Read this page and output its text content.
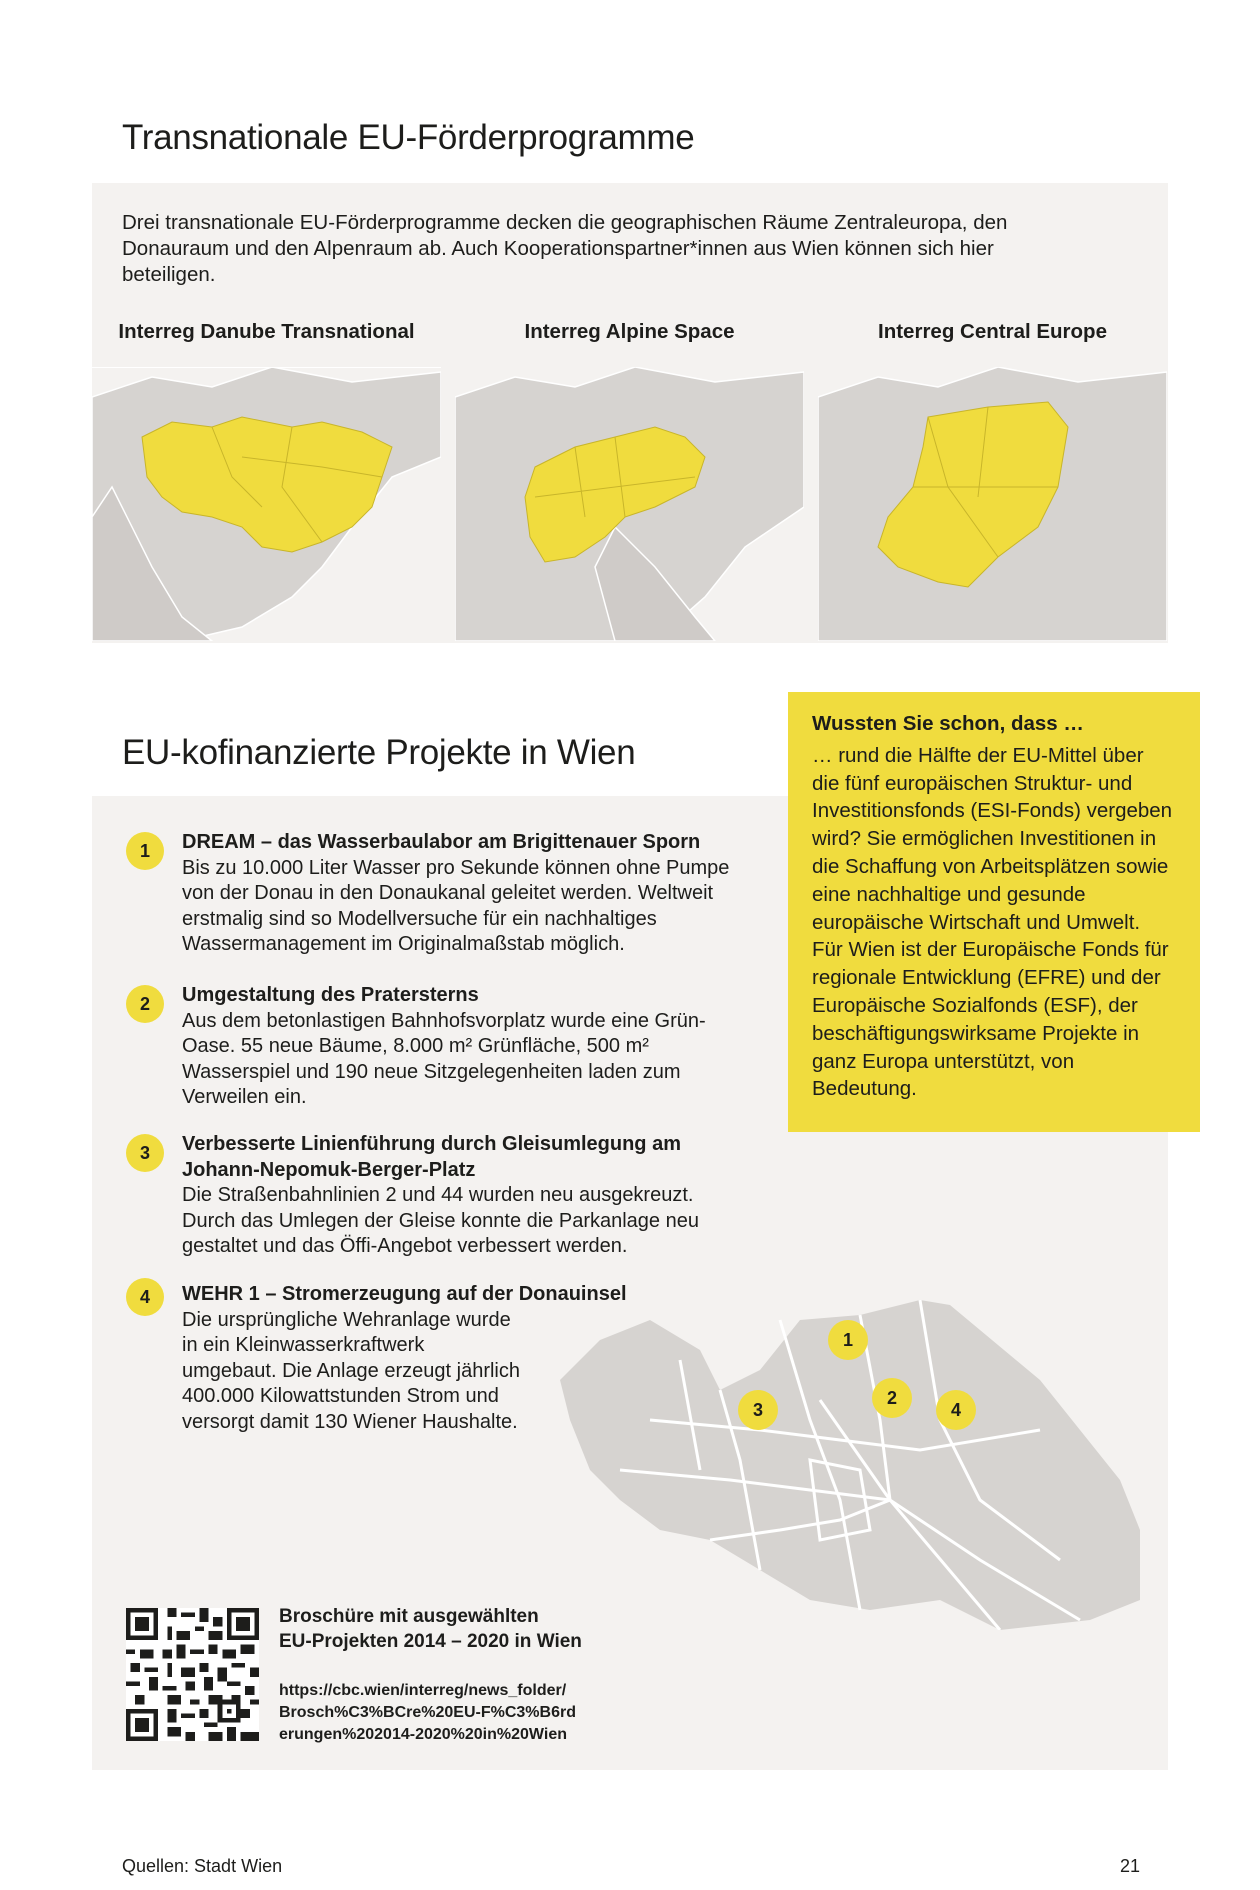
Transnationale EU-Förderprogramme

Drei transnationale EU-Förderprogramme decken die geographischen Räume Zentraleuropa, den Donauraum und den Alpenraum ab. Auch Kooperationspartner*innen aus Wien können sich hier beteiligen.

Interreg Danube Transnational	Interreg Alpine Space	Interreg Central Europe
EU-kofinanzierte Projekte in Wien
Wussten Sie schon, dass …
… rund die Hälfte der EU-Mittel über die fünf europäischen Struktur- und Investitionsfonds (ESI-Fonds) vergeben wird? Sie ermöglichen Investitionen in die Schaffung von Arbeitsplätzen sowie eine nachhaltige und gesunde europäische Wirtschaft und Umwelt. Für Wien ist der Europäische Fonds für regionale Entwicklung (EFRE) und der Europäische Sozialfonds (ESF), der beschäftigungswirksame Projekte in ganz Europa unterstützt, von Bedeutung.
1	DREAM – das Wasserbaulabor am Brigittenauer Sporn
Bis zu 10.000 Liter Wasser pro Sekunde können ohne Pumpe von der Donau in den Donaukanal geleitet werden. Weltweit erstmalig sind so Modellversuche für ein nachhaltiges Wassermanagement im Originalmaßstab möglich.
2	Umgestaltung des Pratersterns
Aus dem betonlastigen Bahnhofsvorplatz wurde eine Grün-Oase. 55 neue Bäume, 8.000 m² Grünfläche, 500 m² Wasserspiel und 190 neue Sitzgelegenheiten laden zum Verweilen ein.
3	Verbesserte Linienführung durch Gleisumlegung am Johann-Nepomuk-Berger-Platz
Die Straßenbahnlinien 2 und 44 wurden neu ausgekreuzt. Durch das Umlegen der Gleise konnte die Parkanlage neu gestaltet und das Öffi-Angebot verbessert werden.
4	WEHR 1 – Stromerzeugung auf der Donauinsel
Die ursprüngliche Wehranlage wurde in ein Kleinwasserkraftwerk umgebaut. Die Anlage erzeugt jährlich 400.000 Kilowattstunden Strom und versorgt damit 130 Wiener Haushalte.
1
2
3	4
Broschüre mit ausgewählten
EU-Projekten 2014 – 2020 in Wien
https://cbc.wien/interreg/news_folder/
Brosch%C3%BCre%20EU-F%C3%B6rd
erungen%202014-2020%20in%20Wien
Quellen: Stadt Wien	21
